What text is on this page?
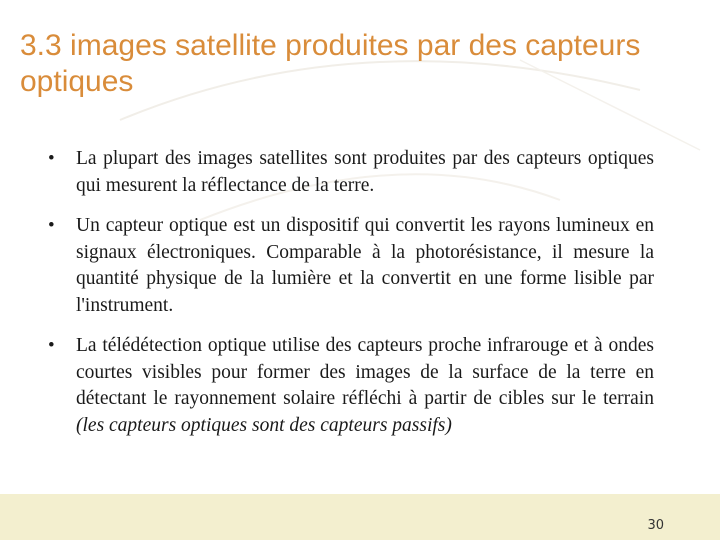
3.3 images satellite produites par des capteurs optiques
• La plupart des images satellites sont produites par des capteurs optiques qui mesurent la réflectance de la terre.
• Un capteur optique est un dispositif qui convertit les rayons lumineux en signaux électroniques. Comparable à la photorésistance, il mesure la quantité physique de la lumière et la convertit en une forme lisible par l'instrument.
• La télédétection optique utilise des capteurs proche infrarouge et à ondes courtes visibles pour former des images de la surface de la terre en détectant le rayonnement solaire réfléchi à partir de cibles sur le terrain (les capteurs optiques sont des capteurs passifs)
30
